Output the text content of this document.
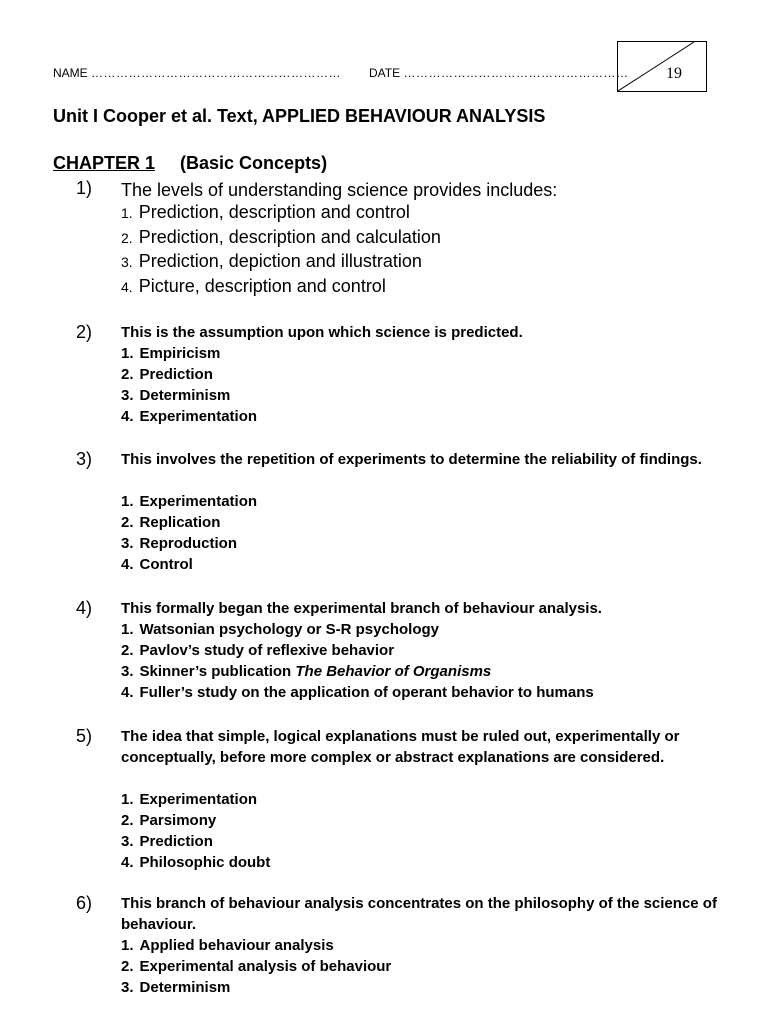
NAME …………………………………………………… DATE ……………………………………………… 19
Unit I Cooper et al. Text, APPLIED BEHAVIOUR ANALYSIS
CHAPTER 1 (Basic Concepts)
1) The levels of understanding science provides includes:
1. Prediction, description and control
2. Prediction, description and calculation
3. Prediction, depiction and illustration
4. Picture, description and control
2) This is the assumption upon which science is predicted.
1. Empiricism
2. Prediction
3. Determinism
4. Experimentation
3) This involves the repetition of experiments to determine the reliability of findings.
1. Experimentation
2. Replication
3. Reproduction
4. Control
4) This formally began the experimental branch of behaviour analysis.
1. Watsonian psychology or S-R psychology
2. Pavlov’s study of reflexive behavior
3. Skinner’s publication The Behavior of Organisms
4. Fuller’s study on the application of operant behavior to humans
5) The idea that simple, logical explanations must be ruled out, experimentally or conceptually, before more complex or abstract explanations are considered.
1. Experimentation
2. Parsimony
3. Prediction
4. Philosophic doubt
6) This branch of behaviour analysis concentrates on the philosophy of the science of behaviour.
1. Applied behaviour analysis
2. Experimental analysis of behaviour
3. Determinism
